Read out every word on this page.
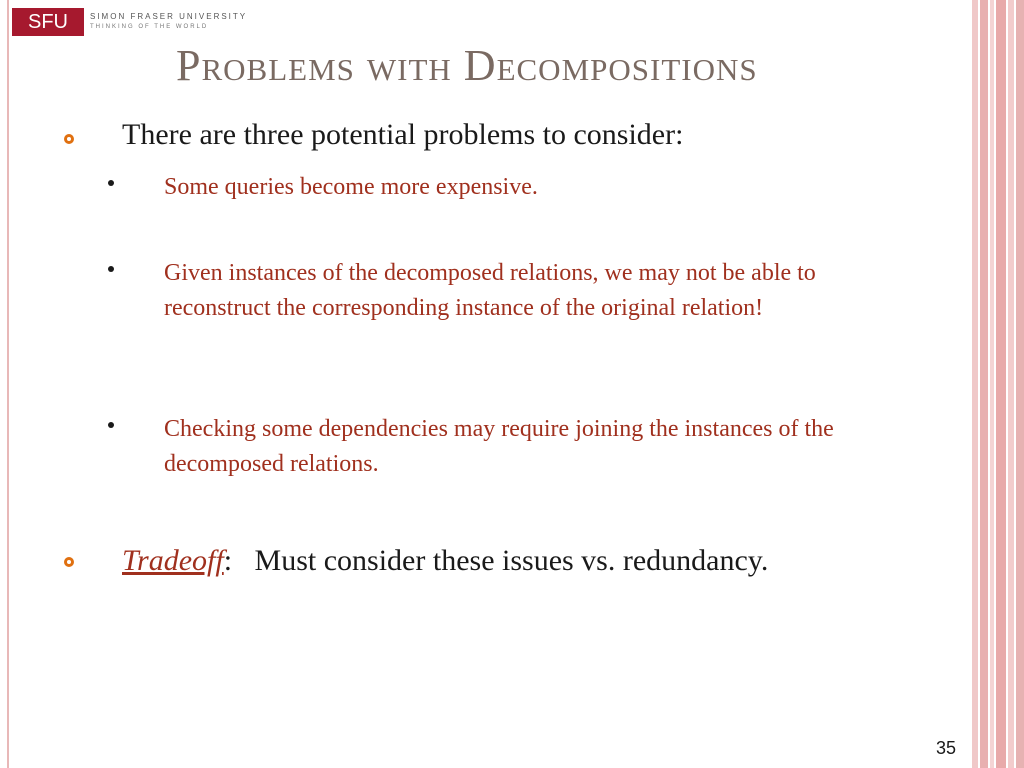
SFU	SIMON FRASER UNIVERSITY
THINKING OF THE WORLD
Problems with Decompositions
There are three potential problems to consider:
Some queries become more expensive.
Given instances of the decomposed relations, we may not be able to reconstruct the corresponding instance of the original relation!
Checking some dependencies may require joining the instances of the decomposed relations.
Tradeoff: Must consider these issues vs. redundancy.
35
